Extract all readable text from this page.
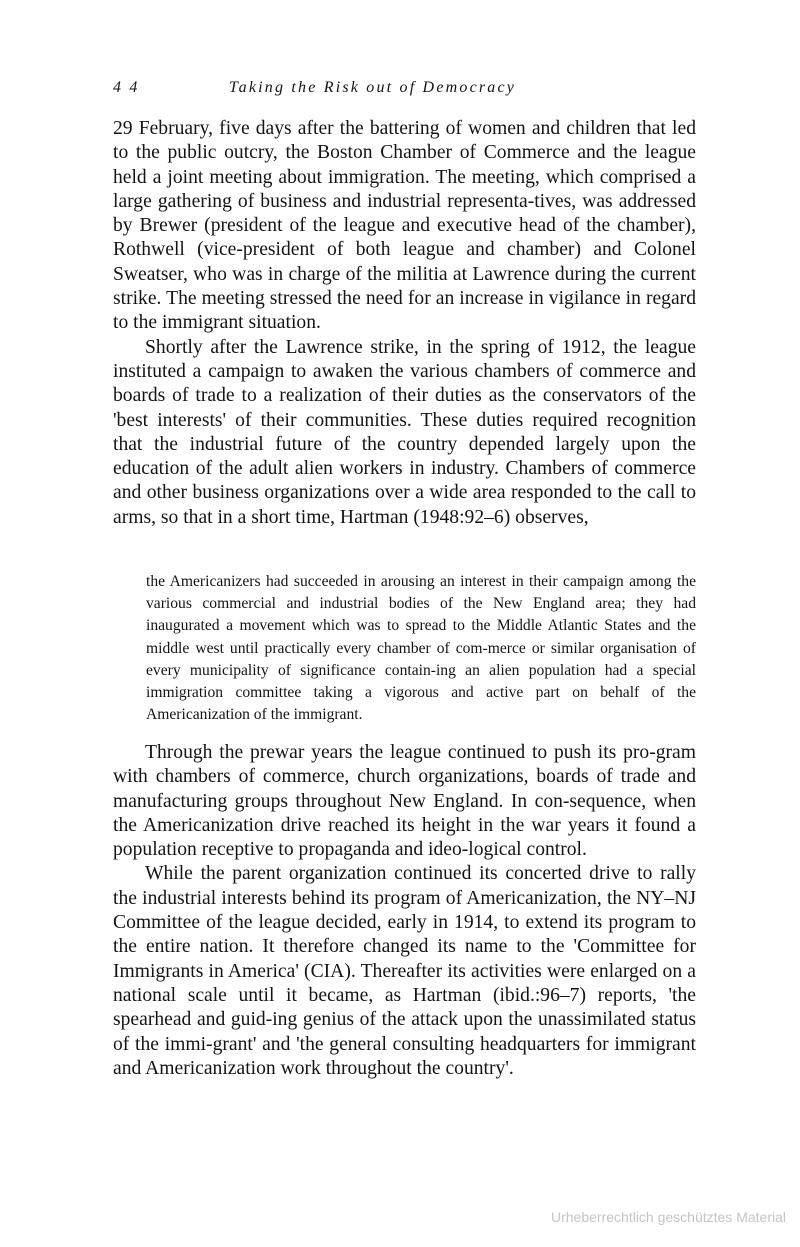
4 4	Taking the Risk out of Democracy

29 February, five days after the battering of women and children that led to the public outcry, the Boston Chamber of Commerce and the league held a joint meeting about immigration. The meeting, which comprised a large gathering of business and industrial representa-tives, was addressed by Brewer (president of the league and executive head of the chamber), Rothwell (vice-president of both league and chamber) and Colonel Sweatser, who was in charge of the militia at Lawrence during the current strike. The meeting stressed the need for an increase in vigilance in regard to the immigrant situation.

Shortly after the Lawrence strike, in the spring of 1912, the league instituted a campaign to awaken the various chambers of commerce and boards of trade to a realization of their duties as the conservators of the 'best interests' of their communities. These duties required recognition that the industrial future of the country depended largely upon the education of the adult alien workers in industry. Chambers of commerce and other business organizations over a wide area responded to the call to arms, so that in a short time, Hartman (1948:92–6) observes,

the Americanizers had succeeded in arousing an interest in their campaign among the various commercial and industrial bodies of the New England area; they had inaugurated a movement which was to spread to the Middle Atlantic States and the middle west until practically every chamber of com-merce or similar organisation of every municipality of significance contain-ing an alien population had a special immigration committee taking a vigorous and active part on behalf of the Americanization of the immigrant.

Through the prewar years the league continued to push its pro-gram with chambers of commerce, church organizations, boards of trade and manufacturing groups throughout New England. In con-sequence, when the Americanization drive reached its height in the war years it found a population receptive to propaganda and ideo-logical control.

While the parent organization continued its concerted drive to rally the industrial interests behind its program of Americanization, the NY–NJ Committee of the league decided, early in 1914, to extend its program to the entire nation. It therefore changed its name to the 'Committee for Immigrants in America' (CIA). Thereafter its activities were enlarged on a national scale until it became, as Hartman (ibid.:96–7) reports, 'the spearhead and guid-ing genius of the attack upon the unassimilated status of the immi-grant' and 'the general consulting headquarters for immigrant and Americanization work throughout the country'.

Urheberrechtlich geschütztes Material
